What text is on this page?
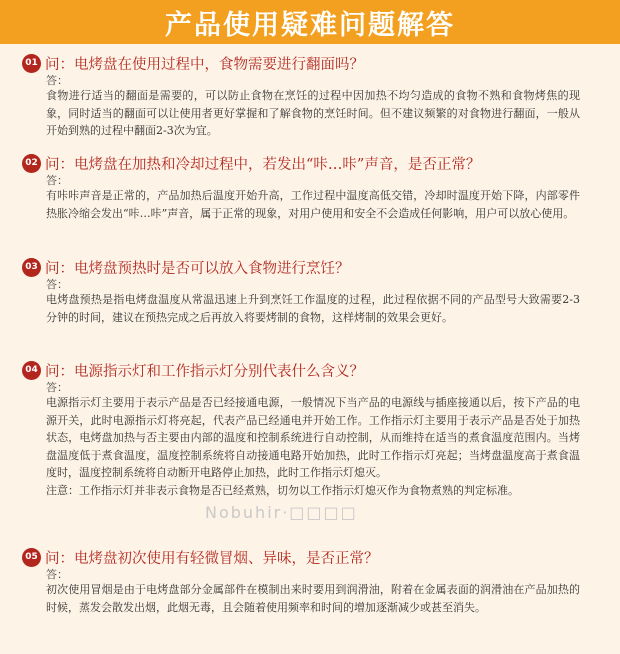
产品使用疑难问题解答
01 问：电烤盘在使用过程中，食物需要进行翻面吗？
答：
食物进行适当的翻面是需要的，可以防止食物在烹饪的过程中因加热不均匀造成的食物不熟和食物烤焦的现象，同时适当的翻面可以让使用者更好掌握和了解食物的烹饪时间。但不建议频繁的对食物进行翻面，一般从开始到熟的过程中翻面2-3次为宜。
02 问：电烤盘在加热和冷却过程中，若发出“咔…咔”声音，是否正常？
答：
有咔咔声音是正常的，产品加热后温度开始升高，工作过程中温度高低交错，冷却时温度开始下降，内部零件热胀冷缩会发出“咔…咔”声音，属于正常的现象，对用户使用和安全不会造成任何影响，用户可以放心使用。
03 问：电烤盘预热时是否可以放入食物进行烹饪？
答：
电烤盘预热是指电烤盘温度从常温迅速上升到烹饪工作温度的过程，此过程依据不同的产品型号大致需要2-3分钟的时间，建议在预热完成之后再放入将要烤制的食物，这样烤制的效果会更好。
04 问：电源指示灯和工作指示灯分别代表什么含义？
答：
电源指示灯主要用于表示产品是否已经接通电源，一般情况下当产品的电源线与插座接通以后，按下产品的电源开关，此时电源指示灯将亮起，代表产品已经通电并开始工作。工作指示灯主要用于表示产品是否处于加热状态，电烤盘加热与否主要由内部的温度和控制系统进行自动控制，从而维持在适当的煮食温度范围内。当烤盘温度低于煮食温度，温度控制系统将自动接通电路开始加热，此时工作指示灯亮起；当烤盘温度高于煮食温度时，温度控制系统将自动断开电路停止加热，此时工作指示灯熄灭。
注意：工作指示灯并非表示食物是否已经煮熟，切勿以工作指示灯熄灭作为食物煮熟的判定标准。
05 问：电烤盘初次使用有轻微冒烟、异味，是否正常？
答：
初次使用冒烟是由于电烤盘部分金属部件在模制出来时要用到润滑油，附着在金属表面的润滑油在产品加热的时候，蒸发会散发出烟，此烟无毒，且会随着使用频率和时间的增加逐渐减少或甚至消失。
Nobuhir·□□□□
